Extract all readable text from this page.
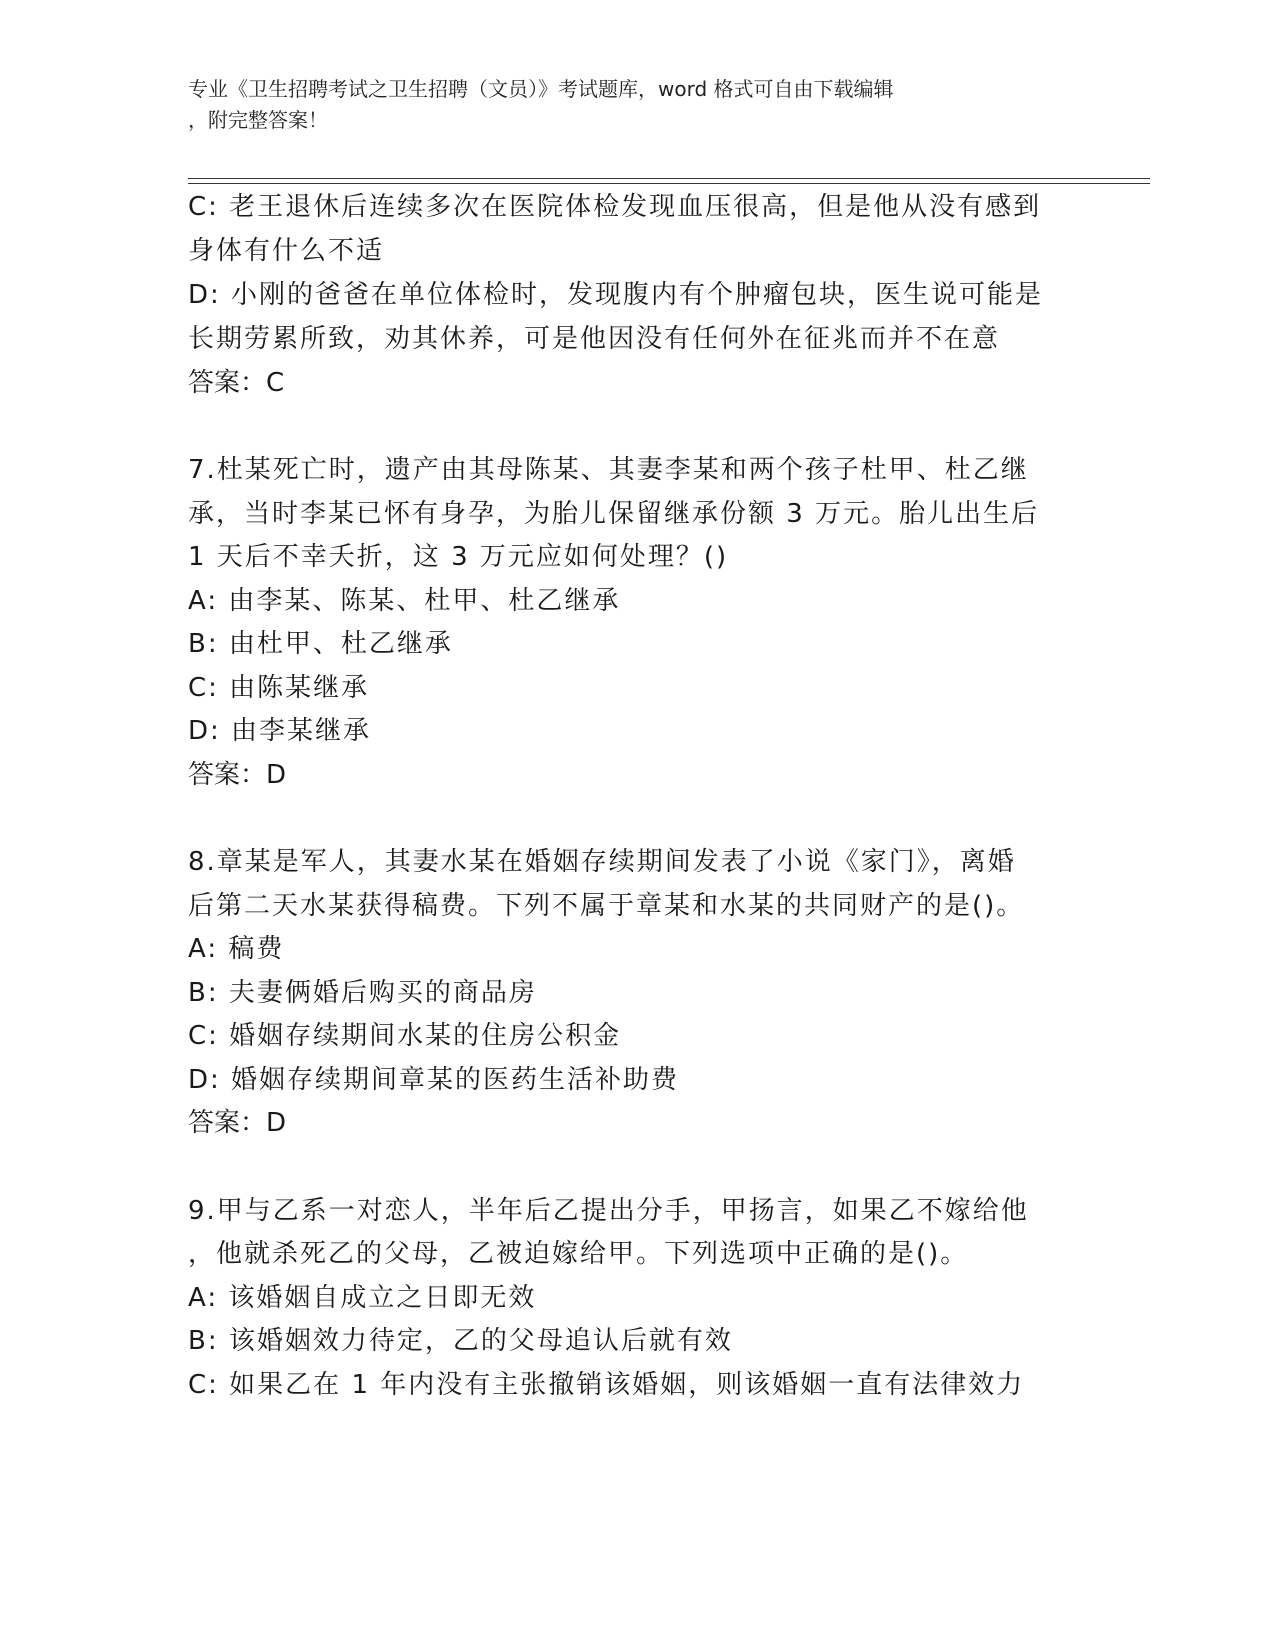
专业《卫生招聘考试之卫生招聘（文员）》考试题库，word 格式可自由下载编辑
，附完整答案！
C: 老王退休后连续多次在医院体检发现血压很高，但是他从没有感到
身体有什么不适
D: 小刚的爸爸在单位体检时，发现腹内有个肿瘤包块，医生说可能是
长期劳累所致，劝其休养，可是他因没有任何外在征兆而并不在意
答案：C
7.杜某死亡时，遗产由其母陈某、其妻李某和两个孩子杜甲、杜乙继
承，当时李某已怀有身孕，为胎儿保留继承份额 3 万元。胎儿出生后
1 天后不幸夭折，这 3 万元应如何处理？()
A: 由李某、陈某、杜甲、杜乙继承
B: 由杜甲、杜乙继承
C: 由陈某继承
D: 由李某继承
答案：D
8.章某是军人，其妻水某在婚姻存续期间发表了小说《家门》，离婚
后第二天水某获得稿费。下列不属于章某和水某的共同财产的是()。
A: 稿费
B: 夫妻俩婚后购买的商品房
C: 婚姻存续期间水某的住房公积金
D: 婚姻存续期间章某的医药生活补助费
答案：D
9.甲与乙系一对恋人，半年后乙提出分手，甲扬言，如果乙不嫁给他
，他就杀死乙的父母，乙被迫嫁给甲。下列选项中正确的是()。
A: 该婚姻自成立之日即无效
B: 该婚姻效力待定，乙的父母追认后就有效
C: 如果乙在 1 年内没有主张撤销该婚姻，则该婚姻一直有法律效力
